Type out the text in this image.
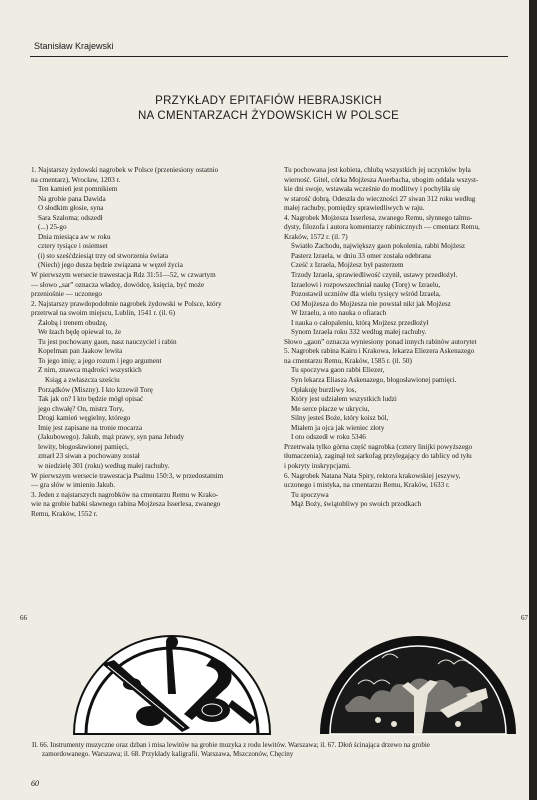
Stanisław Krajewski
PRZYKŁADY EPITAFIÓW HEBRAJSKICH
NA CMENTARZACH ŻYDOWSKICH W POLSCE
1. Najstarszy żydowski nagrobek w Polsce (przeniesiony ostatnio
na cmentarz), Wrocław, 1203 r.
Ten kamień jest pomnikiem
Na grobie pana Dawida
O słodkim głosie, syna
Sara Szaloma; odszedł
(...) 25-go
Dnia miesiąca aw w roku
cztery tysiące i osiemset
(i) sto sześćdziesiąt trzy od stworzenia świata
(Niech) jego dusza będzie związana w węzeł życia
W pierwszym wersecie trawestacja Rdz 31:51—52, w czwartym
— słowo „sar” oznacza władcę, dowódcę, księcia, być może
przeniośnie — uczonego
2. Najstarszy prawdopodobnie nagrobek żydowski w Polsce, który
przetrwał na swoim miejscu, Lublin, 1541 r. (il. 6)
Żałobą i trenem obudzę,
We łzach będę opiewał to, że
Tu jest pochowany gaon, nasz nauczyciel i rabin
Kopelman pan Jaakow lewita
To jego imię; a jego rozum i jego argument
Z nim, znawca mądrości wszystkich
Ksiąg a zwłaszcza sześciu
Porządków (Miszny). I kto krzewił Torę
Tak jak on? I kto będzie mógł opisać
jego chwałę? On, mistrz Tory,
Drogi kamień węgielny, którego
Imię jest zapisane na tronie mocarza
(Jakubowego). Jakub, mąż prawy, syn pana Jehudy
lewity, błogosławionej pamięci,
zmarł 23 siwan a pochowany został
w niedzielę 301 (roku) według małej rachuby.
W pierwszym wersecie trawestacja Psalmu 150:3, w przedostatnim
— gra słów w imieniu Jakub.
3. Jeden z najstarszych nagrobków na cmentarzu Remu w Krako-
wie na grobie babki sławnego rabina Mojżesza Isserlesa, zwanego
Remu, Kraków, 1552 r.
Tu pochowana jest kobieta, chlubą wszystkich jej uczynków była
wierność. Gitel, córka Mojżesza Auerbacha, ubogim oddała wszyst-
kie dni swoje, wstawała wcześnie do modlitwy i pochyliła się
w starość dobrą. Odeszła do wieczności 27 siwan 312 roku według
małej rachuby, pomiędzy sprawiedliwych w raju.
4. Nagrobek Mojżesza Isserlesa, zwanego Remu, słynnego talmu-
dysty, filozofa i autora komentarzy rabinicznych — cmentarz Remu,
Kraków, 1572 r. (il. 7)
Światło Zachodu, największy gaon pokolenia, rabbi Mojżesz
Pasterz Izraela, w dniu 33 omer została odebrana
Cześć z Izraela, Mojżesz był pasterzem
Trzody Izraela, sprawiedliwość czynił, ustawy przedłożył.
Izraelowi i rozpowszechniał naukę (Torę) w Izraelu,
Pozostawił uczniów dla wielu tysięcy wśród Izraela,
Od Mojżesza do Mojżesza nie powstał nikt jak Mojżesz
W Izraelu, a oto nauka o ofiarach
I nauka o całopaleniu, którą Mojżesz przedłożył
Synom Izraela roku 332 według małej rachuby.
Słowo „gaon” oznacza wyniesiony ponad innych rabinów autorytet
5. Nagrobek rabina Kairu i Krakowa, lekarza Eliezera Askenazego
na cmentarzu Remu, Kraków, 1585 r. (il. 50)
Tu spoczywa gaon rabbi Eliezer,
Syn lekarza Eliasza Askenazego, błogosławionej pamięci.
Opłakuję burzliwy los,
Który jest udziałem wszystkich ludzi
Me serce płacze w ukryciu,
Silny jesteś Boże, który koisz ból,
Miałem ja ojca jak wieniec złoty
I oto odszedł w roku 5346
Przetrwała tylko górna część nagrobka (cztery linijki powyższego
tłumaczenia), zaginął też sarkofag przylegający do tablicy od tyłu
i pokryty inskrypcjami.
6. Nagrobek Natana Nata Spiry, rektora krakowskiej jeszywy,
uczonego i mistyka, na cmentarzu Remu, Kraków, 1633 r.
Tu spoczywa
Mąż Boży, świątobliwy po swoich przodkach
66	67
Il. 66. Instrumenty muzyczne oraz dzban i misa lewitów na grobie muzyka z rodu lewitów. Warszawa; il. 67. Dłoń ścinająca drzewo na grobie
zamordowanego. Warszawa; il. 68. Przykłady kaligrafii. Warszawa, Mszczonów, Chęciny
60
